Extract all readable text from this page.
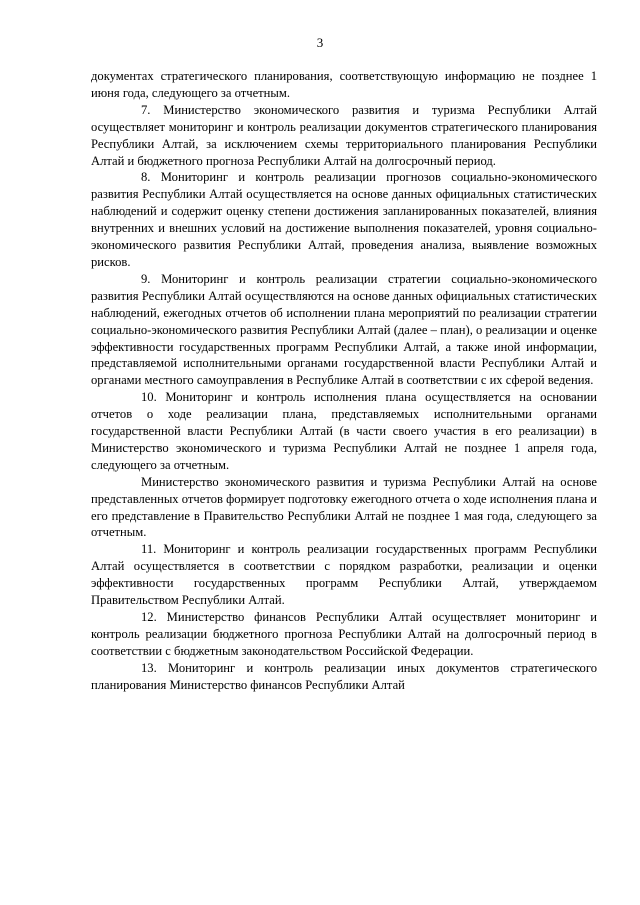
3

документах стратегического планирования, соответствующую информацию не позднее 1 июня года, следующего за отчетным.

7. Министерство экономического развития и туризма Республики Алтай осуществляет мониторинг и контроль реализации документов стратегического планирования Республики Алтай, за исключением схемы территориального планирования Республики Алтай и бюджетного прогноза Республики Алтай на долгосрочный период.

8. Мониторинг и контроль реализации прогнозов социально-экономического развития Республики Алтай осуществляется на основе данных официальных статистических наблюдений и содержит оценку степени достижения запланированных показателей, влияния внутренних и внешних условий на достижение выполнения показателей, уровня социально-экономического развития Республики Алтай, проведения анализа, выявление возможных рисков.

9. Мониторинг и контроль реализации стратегии социально-экономического развития Республики Алтай осуществляются на основе данных официальных статистических наблюдений, ежегодных отчетов об исполнении плана мероприятий по реализации стратегии социально-экономического развития Республики Алтай (далее – план), о реализации и оценке эффективности государственных программ Республики Алтай, а также иной информации, представляемой исполнительными органами государственной власти Республики Алтай и органами местного самоуправления в Республике Алтай в соответствии с их сферой ведения.

10. Мониторинг и контроль исполнения плана осуществляется на основании отчетов о ходе реализации плана, представляемых исполнительными органами государственной власти Республики Алтай (в части своего участия в его реализации) в Министерство экономического и туризма Республики Алтай не позднее 1 апреля года, следующего за отчетным.

Министерство экономического развития и туризма Республики Алтай на основе представленных отчетов формирует подготовку ежегодного отчета о ходе исполнения плана и его представление в Правительство Республики Алтай не позднее 1 мая года, следующего за отчетным.

11. Мониторинг и контроль реализации государственных программ Республики Алтай осуществляется в соответствии с порядком разработки, реализации и оценки эффективности государственных программ Республики Алтай, утверждаемом Правительством Республики Алтай.

12. Министерство финансов Республики Алтай осуществляет мониторинг и контроль реализации бюджетного прогноза Республики Алтай на долгосрочный период в соответствии с бюджетным законодательством Российской Федерации.

13. Мониторинг и контроль реализации иных документов стратегического планирования Министерство финансов Республики Алтай
